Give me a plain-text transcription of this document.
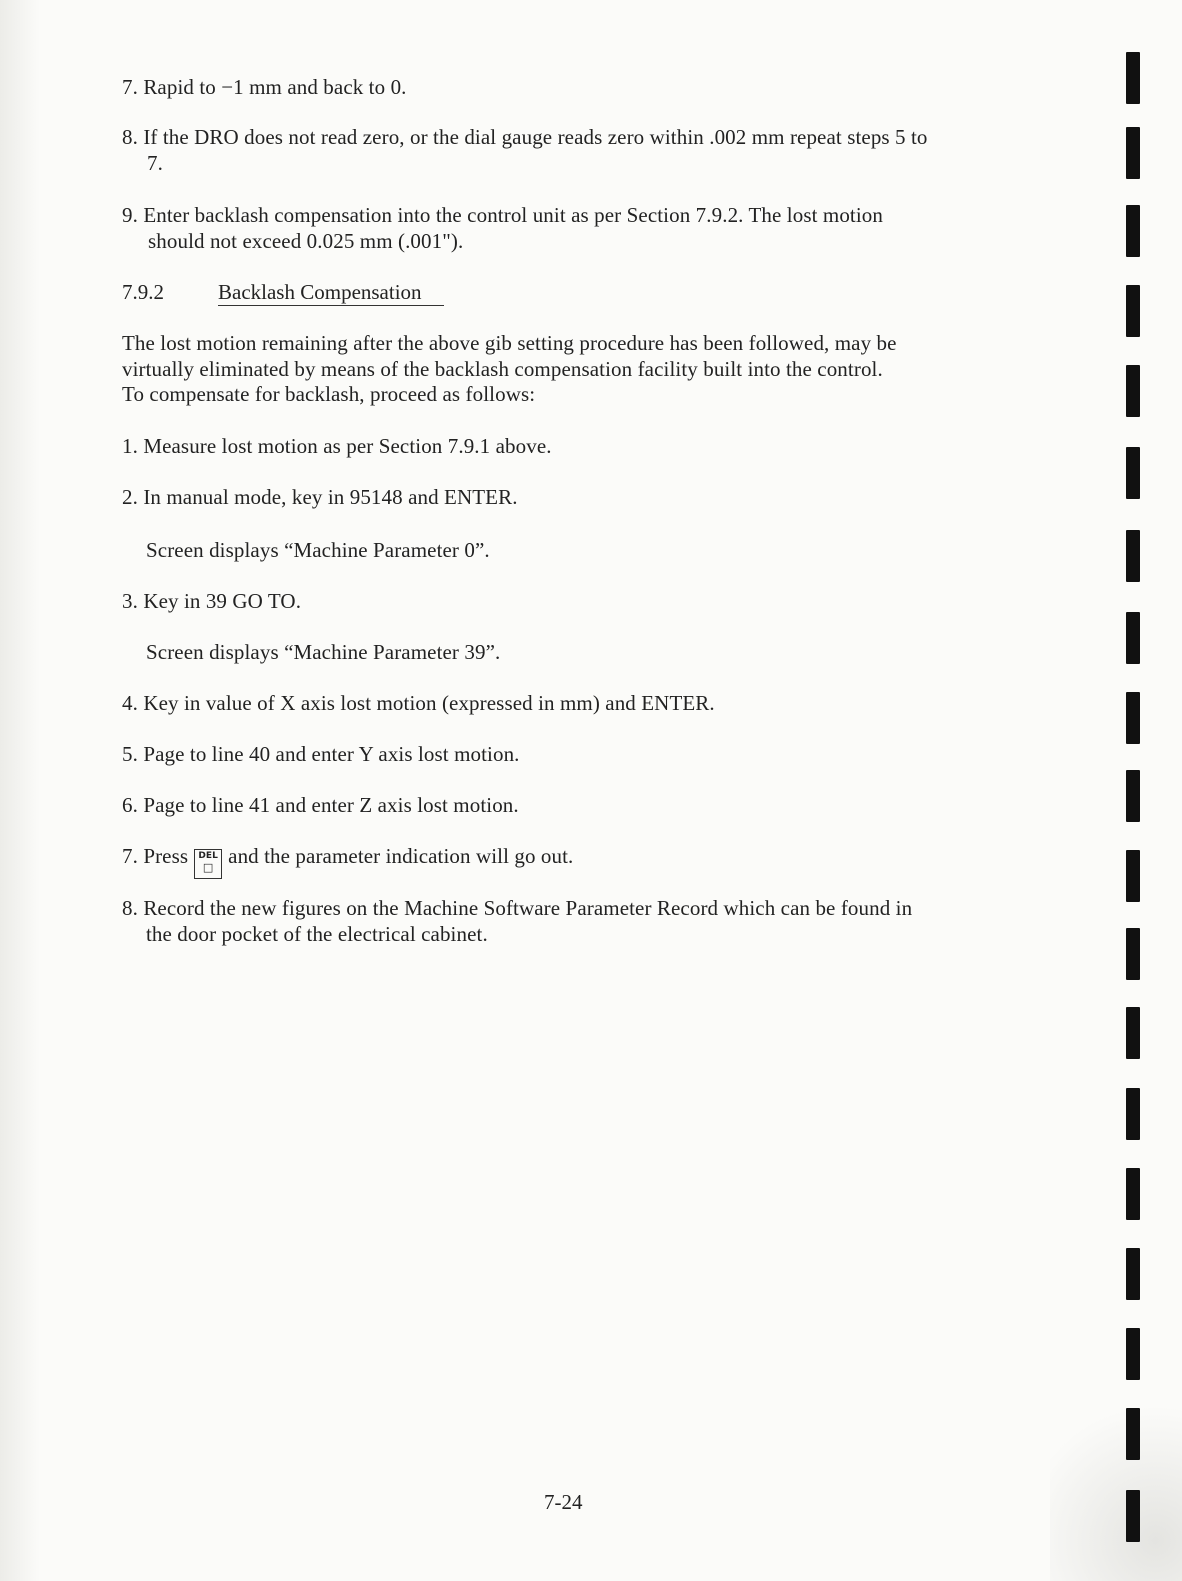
7. Rapid to −1 mm and back to 0.
8. If the DRO does not read zero, or the dial gauge reads zero within .002 mm repeat steps 5 to
7.
9. Enter backlash compensation into the control unit as per Section 7.9.2. The lost motion
should not exceed 0.025 mm (.001").
7.9.2	Backlash Compensation
The lost motion remaining after the above gib setting procedure has been followed, may be
virtually eliminated by means of the backlash compensation facility built into the control.
To compensate for backlash, proceed as follows:
1. Measure lost motion as per Section 7.9.1 above.
2. In manual mode, key in 95148 and ENTER.
Screen displays “Machine Parameter 0”.
3. Key in 39 GO TO.
Screen displays “Machine Parameter 39”.
4. Key in value of X axis lost motion (expressed in mm) and ENTER.
5. Page to line 40 and enter Y axis lost motion.
6. Page to line 41 and enter Z axis lost motion.
7. Press	DEL
□ and the parameter indication will go out.
8. Record the new figures on the Machine Software Parameter Record which can be found in
the door pocket of the electrical cabinet.
7-24
